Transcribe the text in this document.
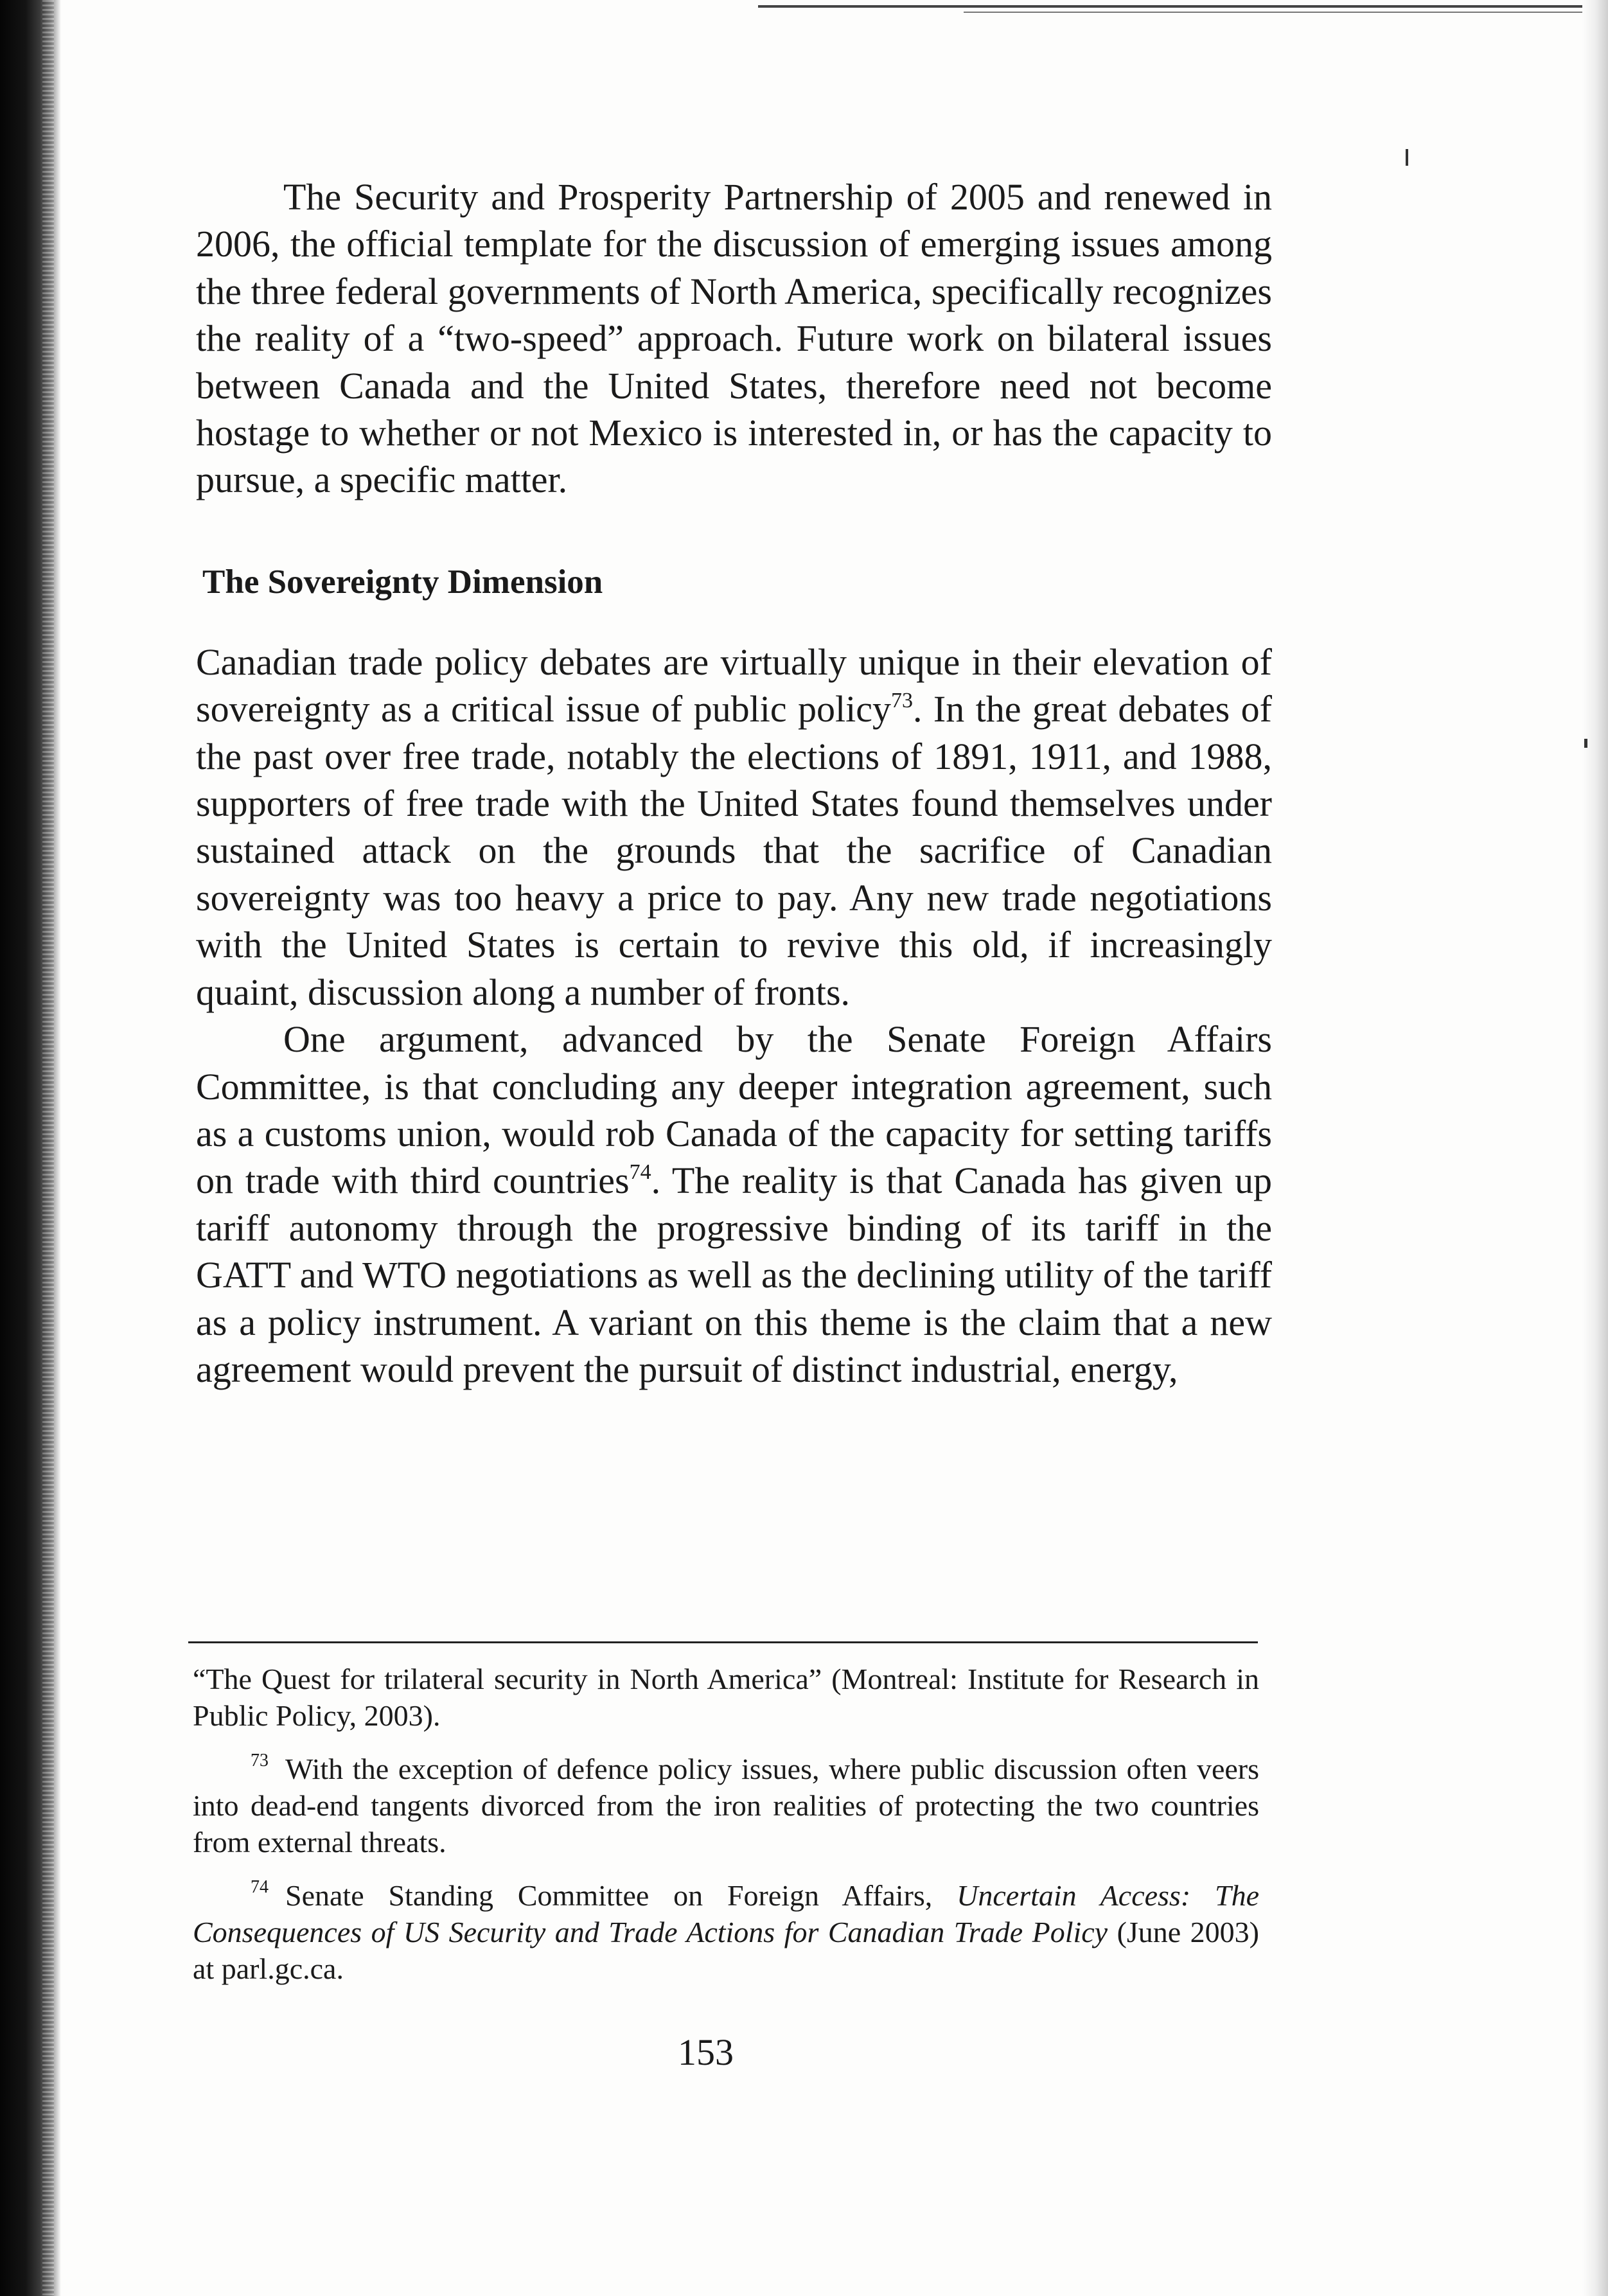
The Security and Prosperity Partnership of 2005 and renewed in 2006, the official template for the discussion of emerging issues among the three federal governments of North America, specifically recognizes the reality of a “two-speed” approach. Future work on bilateral issues between Canada and the United States, therefore need not become hostage to whether or not Mexico is interested in, or has the capacity to pursue, a specific matter.

The Sovereignty Dimension

Canadian trade policy debates are virtually unique in their elevation of sovereignty as a critical issue of public policy$^{73}$. In the great debates of the past over free trade, notably the elections of 1891, 1911, and 1988, supporters of free trade with the United States found themselves under sustained attack on the grounds that the sacrifice of Canadian sovereignty was too heavy a price to pay. Any new trade negotiations with the United States is certain to revive this old, if increasingly quaint, discussion along a number of fronts.

One argument, advanced by the Senate Foreign Affairs Committee, is that concluding any deeper integration agreement, such as a customs union, would rob Canada of the capacity for setting tariffs on trade with third countries$^{74}$. The reality is that Canada has given up tariff autonomy through the progressive binding of its tariff in the GATT and WTO negotiations as well as the declining utility of the tariff as a policy instrument. A variant on this theme is the claim that a new agreement would prevent the pursuit of distinct industrial, energy,

“The Quest for trilateral security in North America” (Montreal: Institute for Research in Public Policy, 2003).

$^{73}$ With the exception of defence policy issues, where public discussion often veers into dead-end tangents divorced from the iron realities of protecting the two countries from external threats.

$^{74}$ Senate Standing Committee on Foreign Affairs, Uncertain Access: The Consequences of US Security and Trade Actions for Canadian Trade Policy (June 2003) at parl.gc.ca.

153
